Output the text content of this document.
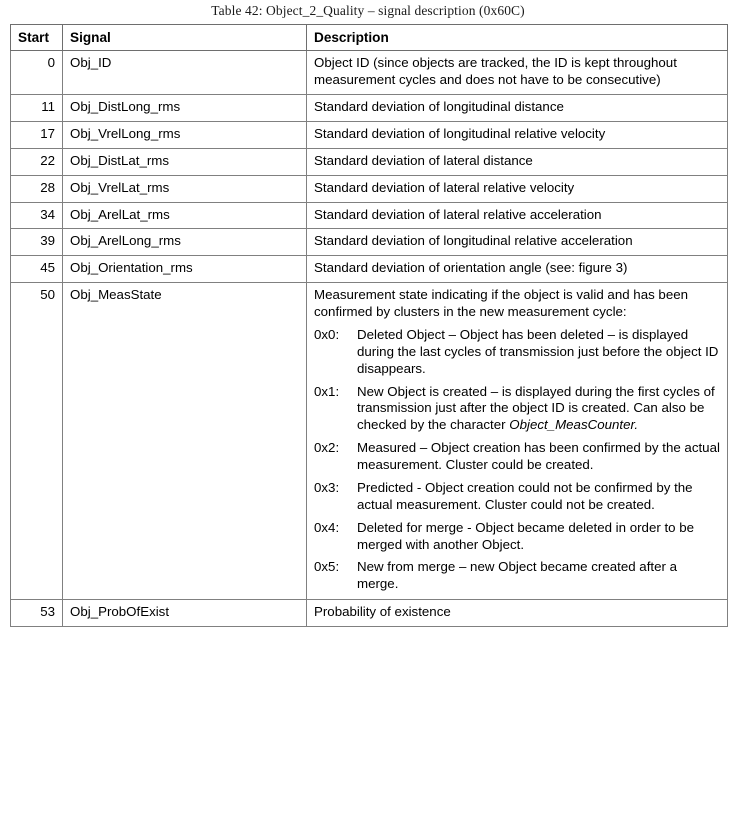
Table 42: Object_2_Quality – signal description (0x60C)
Start	Signal	Description
0	Obj_ID	Object ID (since objects are tracked, the ID is kept throughout measurement cycles and does not have to be consecutive)
11	Obj_DistLong_rms	Standard deviation of longitudinal distance
17	Obj_VrelLong_rms	Standard deviation of longitudinal relative velocity
22	Obj_DistLat_rms	Standard deviation of lateral distance
28	Obj_VrelLat_rms	Standard deviation of lateral relative velocity
34	Obj_ArelLat_rms	Standard deviation of lateral relative acceleration
39	Obj_ArelLong_rms	Standard deviation of longitudinal relative acceleration
45	Obj_Orientation_rms	Standard deviation of orientation angle (see: figure 3)
50	Obj_MeasState	Measurement state indicating if the object is valid and has been confirmed by clusters in the new measurement cycle:

0x0: Deleted Object – Object has been deleted – is displayed during the last cycles of transmission just before the object ID disappears.
0x1: New Object is created – is displayed during the first cycles of transmission just after the object ID is created. Can also be checked by the character Object_MeasCounter.
0x2: Measured – Object creation has been confirmed by the actual measurement. Cluster could be created.
0x3: Predicted - Object creation could not be confirmed by the actual measurement. Cluster could not be created.
0x4: Deleted for merge - Object became deleted in order to be merged with another Object.
0x5: New from merge – new Object became created after a merge.

53	Obj_ProbOfExist	Probability of existence
